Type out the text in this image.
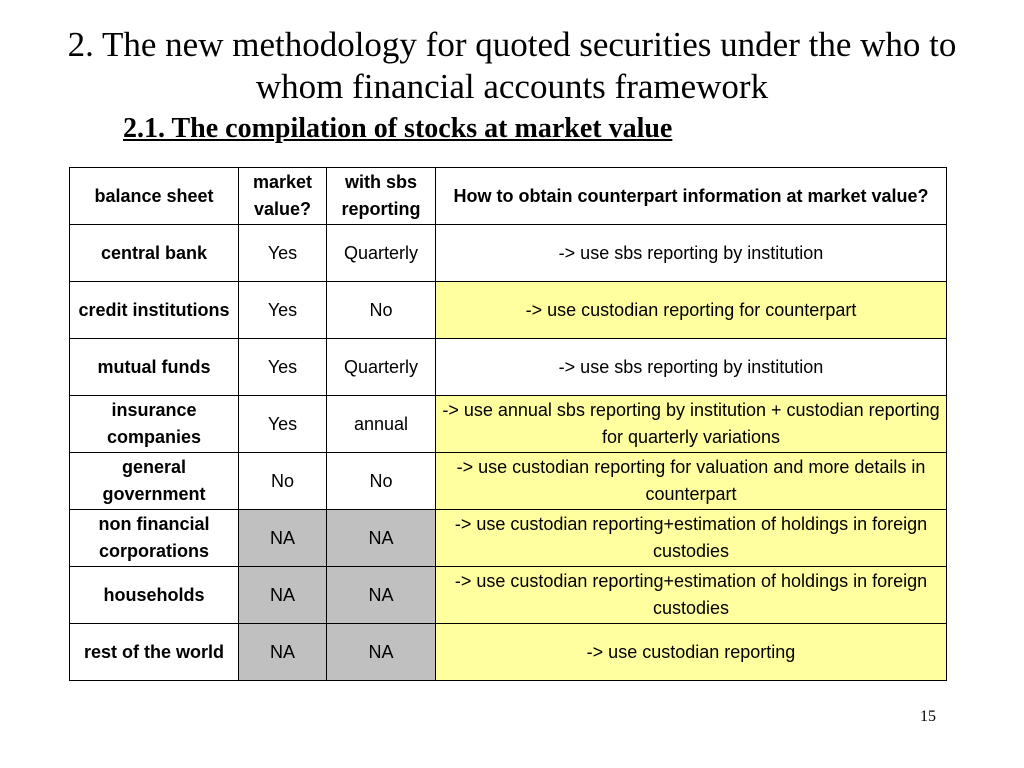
2. The new methodology for quoted securities under the who to whom financial accounts framework
2.1. The compilation of stocks at market value
balance sheet	market value?	with sbs reporting	How to obtain counterpart information at market value?
central bank	Yes	Quarterly	-> use sbs reporting by institution
credit institutions	Yes	No	-> use custodian reporting for counterpart
mutual funds	Yes	Quarterly	-> use sbs reporting by institution
insurance companies	Yes	annual	-> use annual sbs reporting by institution + custodian reporting for quarterly variations
general government	No	No	-> use custodian reporting for valuation and more details in counterpart
non financial corporations	NA	NA	-> use custodian reporting+estimation of holdings in foreign custodies
households	NA	NA	-> use custodian reporting+estimation of holdings in foreign custodies
rest of the world	NA	NA	-> use custodian reporting
15
